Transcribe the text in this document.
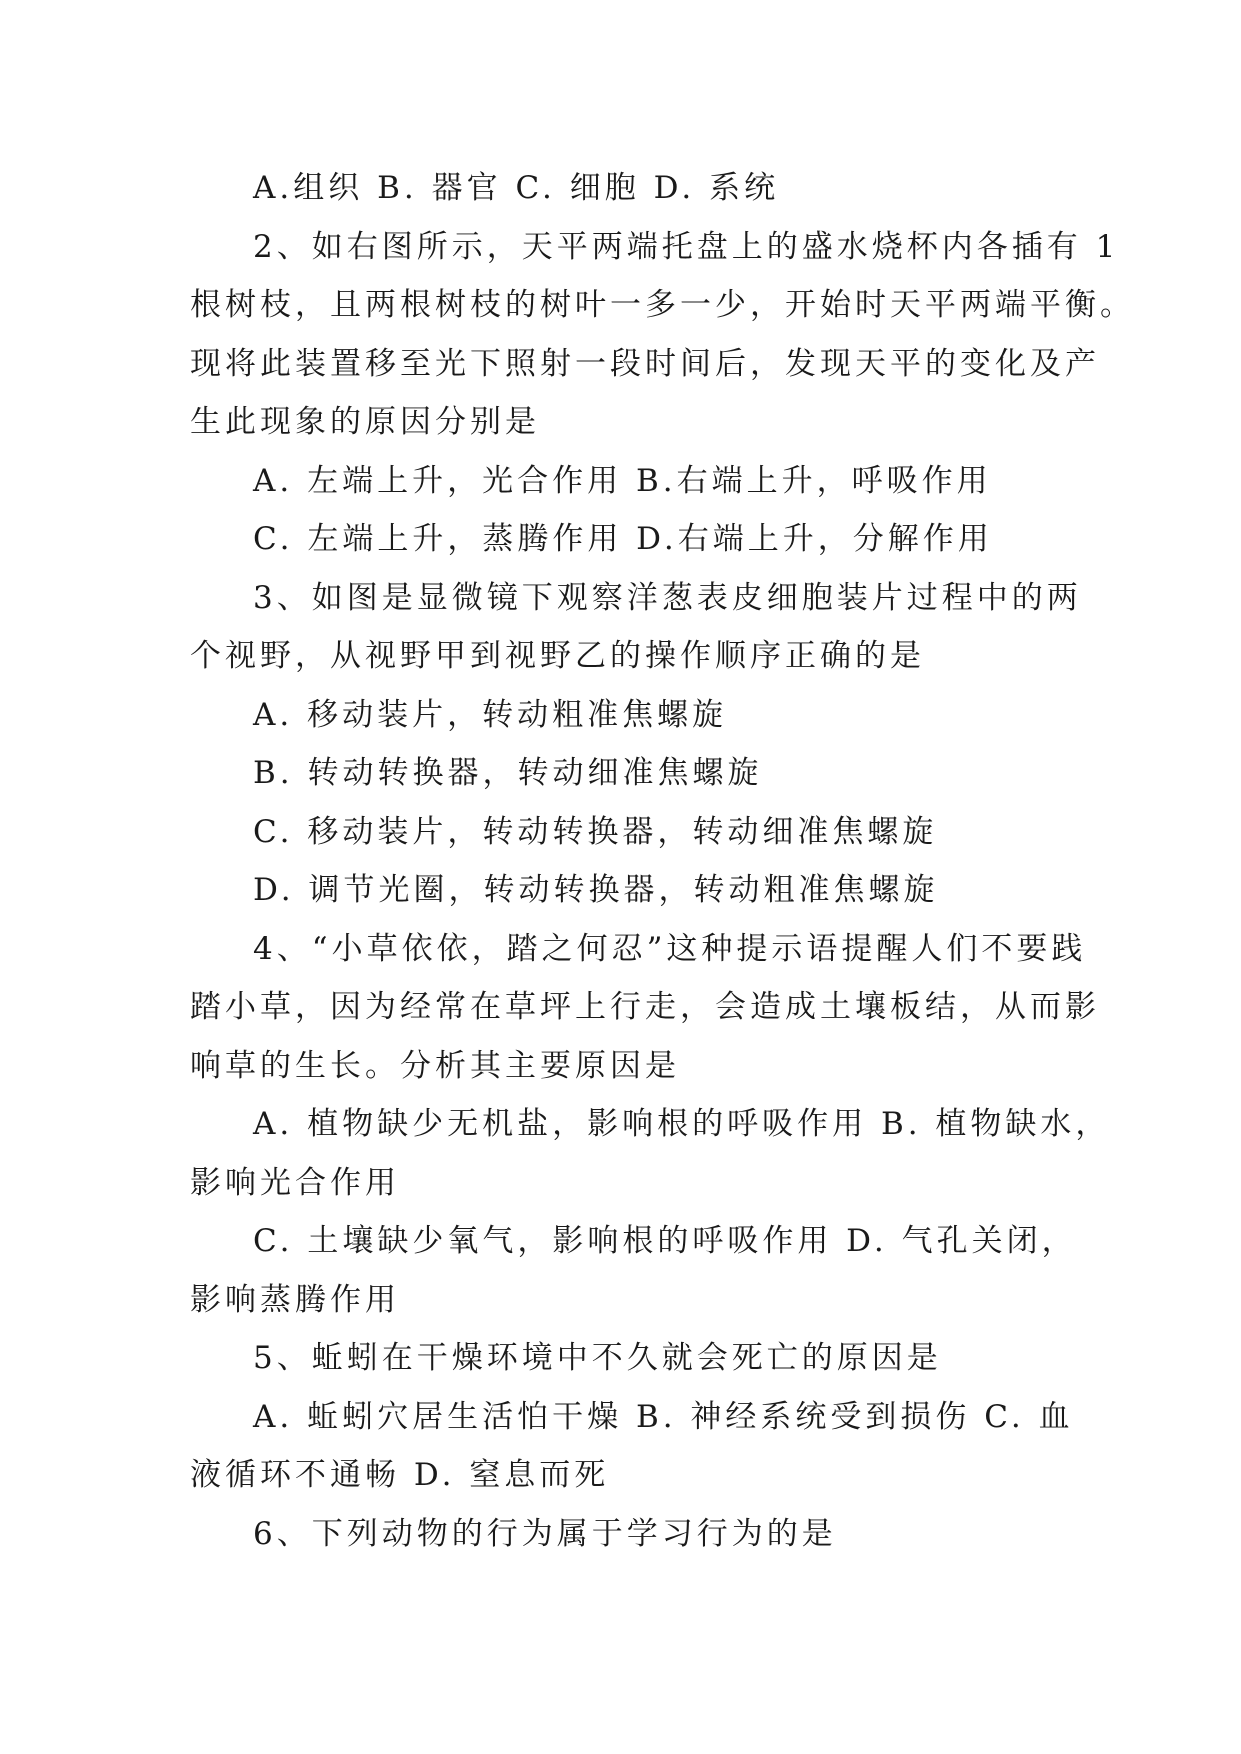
A.组织 B. 器官 C. 细胞 D. 系统
2、如右图所示，天平两端托盘上的盛水烧杯内各插有 1
根树枝，且两根树枝的树叶一多一少，开始时天平两端平衡。
现将此装置移至光下照射一段时间后，发现天平的变化及产
生此现象的原因分别是
A. 左端上升，光合作用 B.右端上升，呼吸作用
C. 左端上升，蒸腾作用 D.右端上升，分解作用
3、如图是显微镜下观察洋葱表皮细胞装片过程中的两
个视野，从视野甲到视野乙的操作顺序正确的是
A. 移动装片，转动粗准焦螺旋
B. 转动转换器，转动细准焦螺旋
C. 移动装片，转动转换器，转动细准焦螺旋
D. 调节光圈，转动转换器，转动粗准焦螺旋
4、“小草依依，踏之何忍”这种提示语提醒人们不要践
踏小草，因为经常在草坪上行走，会造成土壤板结，从而影
响草的生长。分析其主要原因是
A. 植物缺少无机盐，影响根的呼吸作用 B. 植物缺水，
影响光合作用
C. 土壤缺少氧气，影响根的呼吸作用 D. 气孔关闭，
影响蒸腾作用
5、蚯蚓在干燥环境中不久就会死亡的原因是
A. 蚯蚓穴居生活怕干燥 B. 神经系统受到损伤 C. 血
液循环不通畅 D. 窒息而死
6、下列动物的行为属于学习行为的是
